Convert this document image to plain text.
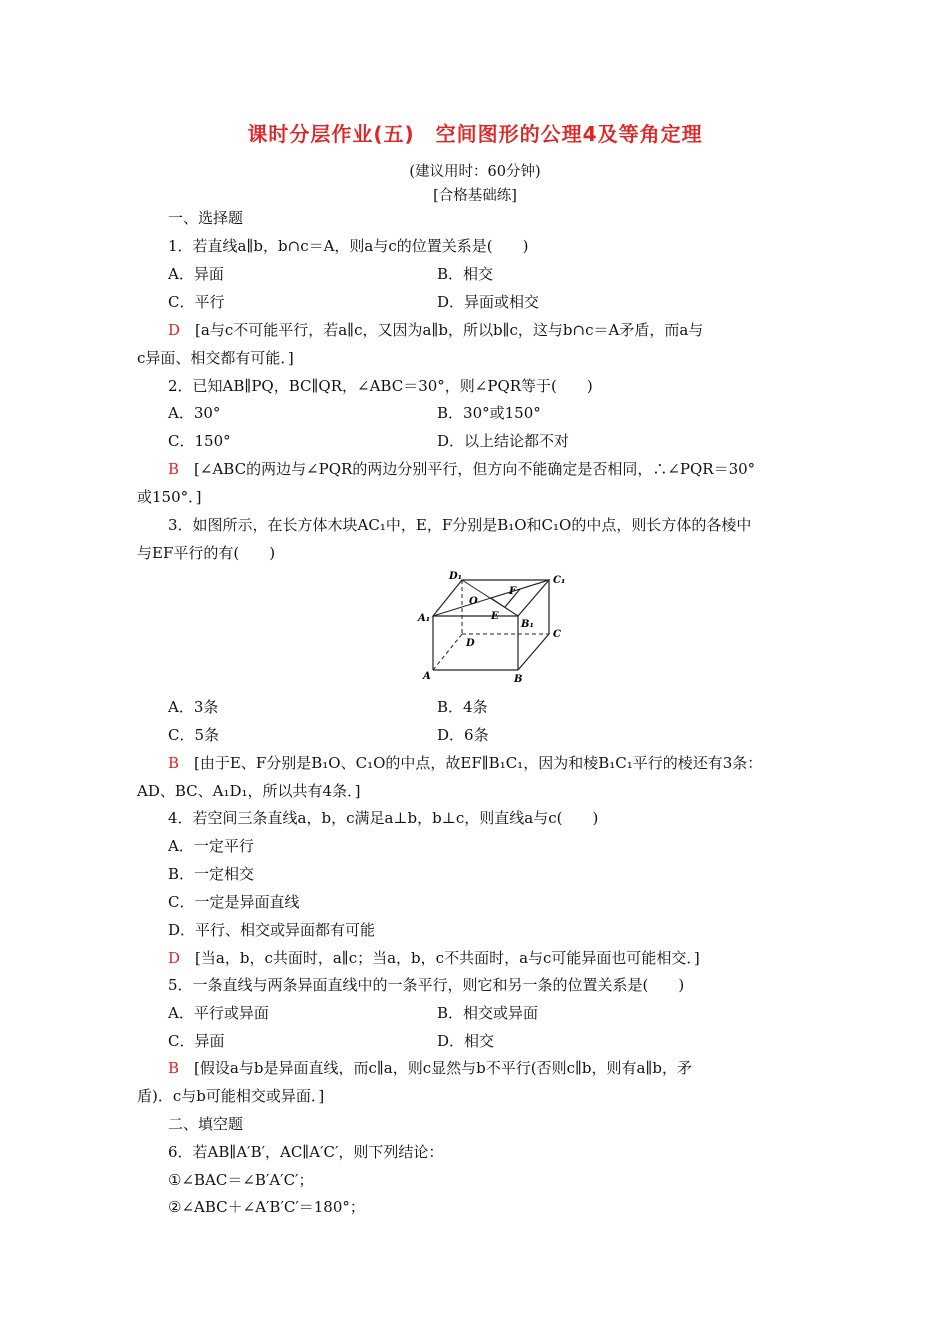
课时分层作业(五)　空间图形的公理4及等角定理
(建议用时：60分钟)
[合格基础练]
一、选择题
1．若直线a∥b，b∩c＝A，则a与c的位置关系是(　　)
A．异面	B．相交
C．平行	D．异面或相交
D　 [a与c不可能平行，若a∥c，又因为a∥b，所以b∥c，这与b∩c＝A矛盾，而a与
c异面、相交都有可能．]
2．已知AB∥PQ，BC∥QR，∠ABC＝30°，则∠PQR等于(　　)
A．30°	B．30°或150°
C．150°	D．以上结论都不对
B　 [∠ABC的两边与∠PQR的两边分别平行，但方向不能确定是否相同，∴∠PQR＝30°
或150°．]
3．如图所示，在长方体木块AC₁中，E，F分别是B₁O和C₁O的中点，则长方体的各棱中
与EF平行的有(　　)
D₁	C₁
A₁
B₁
O
F
E
D
C
A	B
A．3条	B．4条
C．5条	D．6条
B　 [由于E、F分别是B₁O、C₁O的中点，故EF∥B₁C₁，因为和棱B₁C₁平行的棱还有3条：
AD、BC、A₁D₁，所以共有4条．]
4．若空间三条直线a，b，c满足a⊥b，b⊥c，则直线a与c(　　)
A．一定平行
B．一定相交
C．一定是异面直线
D．平行、相交或异面都有可能
D　 [当a，b，c共面时，a∥c；当a，b，c不共面时，a与c可能异面也可能相交．]
5．一条直线与两条异面直线中的一条平行，则它和另一条的位置关系是(　　)
A．平行或异面	B．相交或异面
C．异面	D．相交
B　 [假设a与b是异面直线，而c∥a，则c显然与b不平行(否则c∥b，则有a∥b，矛
盾)．c与b可能相交或异面．]
二、填空题
6．若AB∥A′B′，AC∥A′C′，则下列结论：
①∠BAC＝∠B′A′C′；
②∠ABC＋∠A′B′C′＝180°；
